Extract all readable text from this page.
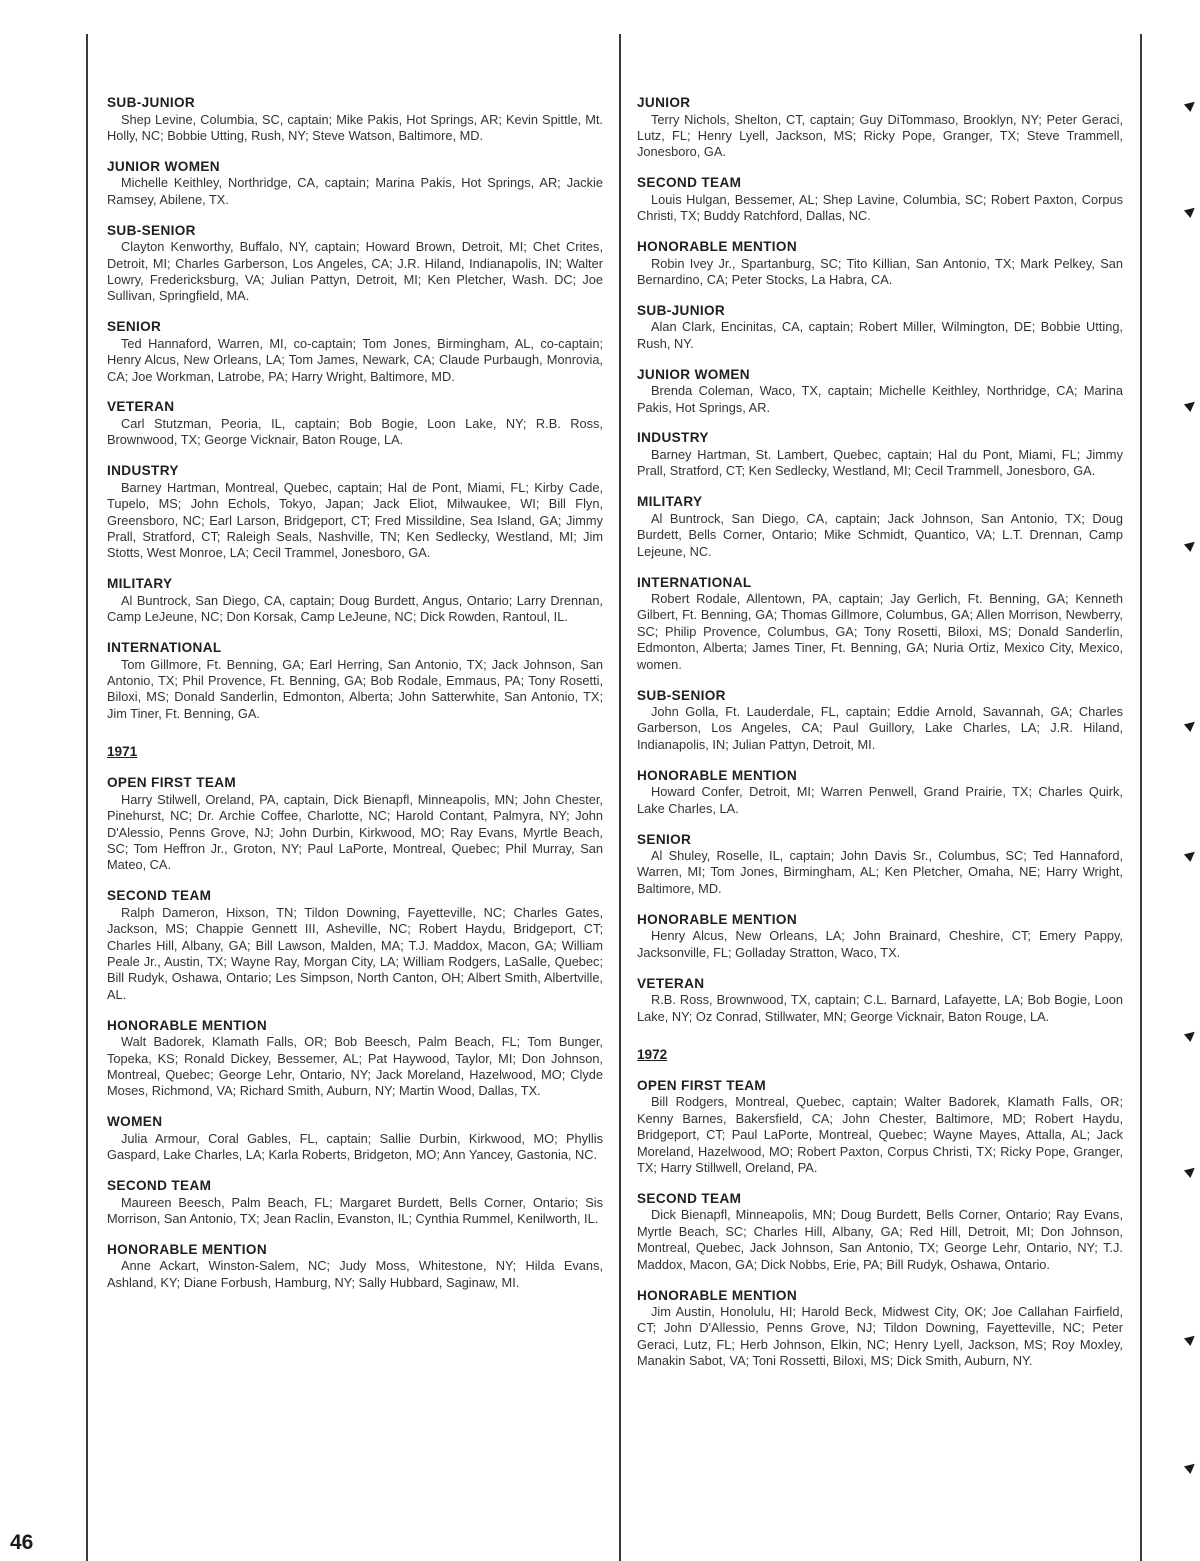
SUB-JUNIOR
Shep Levine, Columbia, SC, captain; Mike Pakis, Hot Springs, AR; Kevin Spittle, Mt. Holly, NC; Bobbie Utting, Rush, NY; Steve Watson, Baltimore, MD.
JUNIOR WOMEN
Michelle Keithley, Northridge, CA, captain; Marina Pakis, Hot Springs, AR; Jackie Ramsey, Abilene, TX.
SUB-SENIOR
Clayton Kenworthy, Buffalo, NY, captain; Howard Brown, Detroit, MI; Chet Crites, Detroit, MI; Charles Garberson, Los Angeles, CA; J.R. Hiland, Indianapolis, IN; Walter Lowry, Fredericksburg, VA; Julian Pattyn, Detroit, MI; Ken Pletcher, Wash. DC; Joe Sullivan, Springfield, MA.
SENIOR
Ted Hannaford, Warren, MI, co-captain; Tom Jones, Birmingham, AL, co-captain; Henry Alcus, New Orleans, LA; Tom James, Newark, CA; Claude Purbaugh, Monrovia, CA; Joe Workman, Latrobe, PA; Harry Wright, Baltimore, MD.
VETERAN
Carl Stutzman, Peoria, IL, captain; Bob Bogie, Loon Lake, NY; R.B. Ross, Brownwood, TX; George Vicknair, Baton Rouge, LA.
INDUSTRY
Barney Hartman, Montreal, Quebec, captain; Hal de Pont, Miami, FL; Kirby Cade, Tupelo, MS; John Echols, Tokyo, Japan; Jack Eliot, Milwaukee, WI; Bill Flyn, Greensboro, NC; Earl Larson, Bridgeport, CT; Fred Missildine, Sea Island, GA; Jimmy Prall, Stratford, CT; Raleigh Seals, Nashville, TN; Ken Sedlecky, Westland, MI; Jim Stotts, West Monroe, LA; Cecil Trammel, Jonesboro, GA.
MILITARY
Al Buntrock, San Diego, CA, captain; Doug Burdett, Angus, Ontario; Larry Drennan, Camp LeJeune, NC; Don Korsak, Camp LeJeune, NC; Dick Rowden, Rantoul, IL.
INTERNATIONAL
Tom Gillmore, Ft. Benning, GA; Earl Herring, San Antonio, TX; Jack Johnson, San Antonio, TX; Phil Provence, Ft. Benning, GA; Bob Rodale, Emmaus, PA; Tony Rosetti, Biloxi, MS; Donald Sanderlin, Edmonton, Alberta; John Satterwhite, San Antonio, TX; Jim Tiner, Ft. Benning, GA.
1971
OPEN FIRST TEAM
Harry Stilwell, Oreland, PA, captain, Dick Bienapfl, Minneapolis, MN; John Chester, Pinehurst, NC; Dr. Archie Coffee, Charlotte, NC; Harold Contant, Palmyra, NY; John D'Alessio, Penns Grove, NJ; John Durbin, Kirkwood, MO; Ray Evans, Myrtle Beach, SC; Tom Heffron Jr., Groton, NY; Paul LaPorte, Montreal, Quebec; Phil Murray, San Mateo, CA.
SECOND TEAM
Ralph Dameron, Hixson, TN; Tildon Downing, Fayetteville, NC; Charles Gates, Jackson, MS; Chappie Gennett III, Asheville, NC; Robert Haydu, Bridgeport, CT; Charles Hill, Albany, GA; Bill Lawson, Malden, MA; T.J. Maddox, Macon, GA; William Peale Jr., Austin, TX; Wayne Ray, Morgan City, LA; William Rodgers, LaSalle, Quebec; Bill Rudyk, Oshawa, Ontario; Les Simpson, North Canton, OH; Albert Smith, Albertville, AL.
HONORABLE MENTION
Walt Badorek, Klamath Falls, OR; Bob Beesch, Palm Beach, FL; Tom Bunger, Topeka, KS; Ronald Dickey, Bessemer, AL; Pat Haywood, Taylor, MI; Don Johnson, Montreal, Quebec; George Lehr, Ontario, NY; Jack Moreland, Hazelwood, MO; Clyde Moses, Richmond, VA; Richard Smith, Auburn, NY; Martin Wood, Dallas, TX.
WOMEN
Julia Armour, Coral Gables, FL, captain; Sallie Durbin, Kirkwood, MO; Phyllis Gaspard, Lake Charles, LA; Karla Roberts, Bridgeton, MO; Ann Yancey, Gastonia, NC.
SECOND TEAM
Maureen Beesch, Palm Beach, FL; Margaret Burdett, Bells Corner, Ontario; Sis Morrison, San Antonio, TX; Jean Raclin, Evanston, IL; Cynthia Rummel, Kenilworth, IL.
HONORABLE MENTION
Anne Ackart, Winston-Salem, NC; Judy Moss, Whitestone, NY; Hilda Evans, Ashland, KY; Diane Forbush, Hamburg, NY; Sally Hubbard, Saginaw, MI.
JUNIOR
Terry Nichols, Shelton, CT, captain; Guy DiTommaso, Brooklyn, NY; Peter Geraci, Lutz, FL; Henry Lyell, Jackson, MS; Ricky Pope, Granger, TX; Steve Trammell, Jonesboro, GA.
SECOND TEAM
Louis Hulgan, Bessemer, AL; Shep Lavine, Columbia, SC; Robert Paxton, Corpus Christi, TX; Buddy Ratchford, Dallas, NC.
HONORABLE MENTION
Robin Ivey Jr., Spartanburg, SC; Tito Killian, San Antonio, TX; Mark Pelkey, San Bernardino, CA; Peter Stocks, La Habra, CA.
SUB-JUNIOR
Alan Clark, Encinitas, CA, captain; Robert Miller, Wilmington, DE; Bobbie Utting, Rush, NY.
JUNIOR WOMEN
Brenda Coleman, Waco, TX, captain; Michelle Keithley, Northridge, CA; Marina Pakis, Hot Springs, AR.
INDUSTRY
Barney Hartman, St. Lambert, Quebec, captain; Hal du Pont, Miami, FL; Jimmy Prall, Stratford, CT; Ken Sedlecky, Westland, MI; Cecil Trammell, Jonesboro, GA.
MILITARY
Al Buntrock, San Diego, CA, captain; Jack Johnson, San Antonio, TX; Doug Burdett, Bells Corner, Ontario; Mike Schmidt, Quantico, VA; L.T. Drennan, Camp Lejeune, NC.
INTERNATIONAL
Robert Rodale, Allentown, PA, captain; Jay Gerlich, Ft. Benning, GA; Kenneth Gilbert, Ft. Benning, GA; Thomas Gillmore, Columbus, GA; Allen Morrison, Newberry, SC; Philip Provence, Columbus, GA; Tony Rosetti, Biloxi, MS; Donald Sanderlin, Edmonton, Alberta; James Tiner, Ft. Benning, GA; Nuria Ortiz, Mexico City, Mexico, women.
SUB-SENIOR
John Golla, Ft. Lauderdale, FL, captain; Eddie Arnold, Savannah, GA; Charles Garberson, Los Angeles, CA; Paul Guillory, Lake Charles, LA; J.R. Hiland, Indianapolis, IN; Julian Pattyn, Detroit, MI.
HONORABLE MENTION
Howard Confer, Detroit, MI; Warren Penwell, Grand Prairie, TX; Charles Quirk, Lake Charles, LA.
SENIOR
Al Shuley, Roselle, IL, captain; John Davis Sr., Columbus, SC; Ted Hannaford, Warren, MI; Tom Jones, Birmingham, AL; Ken Pletcher, Omaha, NE; Harry Wright, Baltimore, MD.
HONORABLE MENTION
Henry Alcus, New Orleans, LA; John Brainard, Cheshire, CT; Emery Pappy, Jacksonville, FL; Golladay Stratton, Waco, TX.
VETERAN
R.B. Ross, Brownwood, TX, captain; C.L. Barnard, Lafayette, LA; Bob Bogie, Loon Lake, NY; Oz Conrad, Stillwater, MN; George Vicknair, Baton Rouge, LA.
1972
OPEN FIRST TEAM
Bill Rodgers, Montreal, Quebec, captain; Walter Badorek, Klamath Falls, OR; Kenny Barnes, Bakersfield, CA; John Chester, Baltimore, MD; Robert Haydu, Bridgeport, CT; Paul LaPorte, Montreal, Quebec; Wayne Mayes, Attalla, AL; Jack Moreland, Hazelwood, MO; Robert Paxton, Corpus Christi, TX; Ricky Pope, Granger, TX; Harry Stillwell, Oreland, PA.
SECOND TEAM
Dick Bienapfl, Minneapolis, MN; Doug Burdett, Bells Corner, Ontario; Ray Evans, Myrtle Beach, SC; Charles Hill, Albany, GA; Red Hill, Detroit, MI; Don Johnson, Montreal, Quebec, Jack Johnson, San Antonio, TX; George Lehr, Ontario, NY; T.J. Maddox, Macon, GA; Dick Nobbs, Erie, PA; Bill Rudyk, Oshawa, Ontario.
HONORABLE MENTION
Jim Austin, Honolulu, HI; Harold Beck, Midwest City, OK; Joe Callahan Fairfield, CT; John D'Allessio, Penns Grove, NJ; Tildon Downing, Fayetteville, NC; Peter Geraci, Lutz, FL; Herb Johnson, Elkin, NC; Henry Lyell, Jackson, MS; Roy Moxley, Manakin Sabot, VA; Toni Rossetti, Biloxi, MS; Dick Smith, Auburn, NY.
46
